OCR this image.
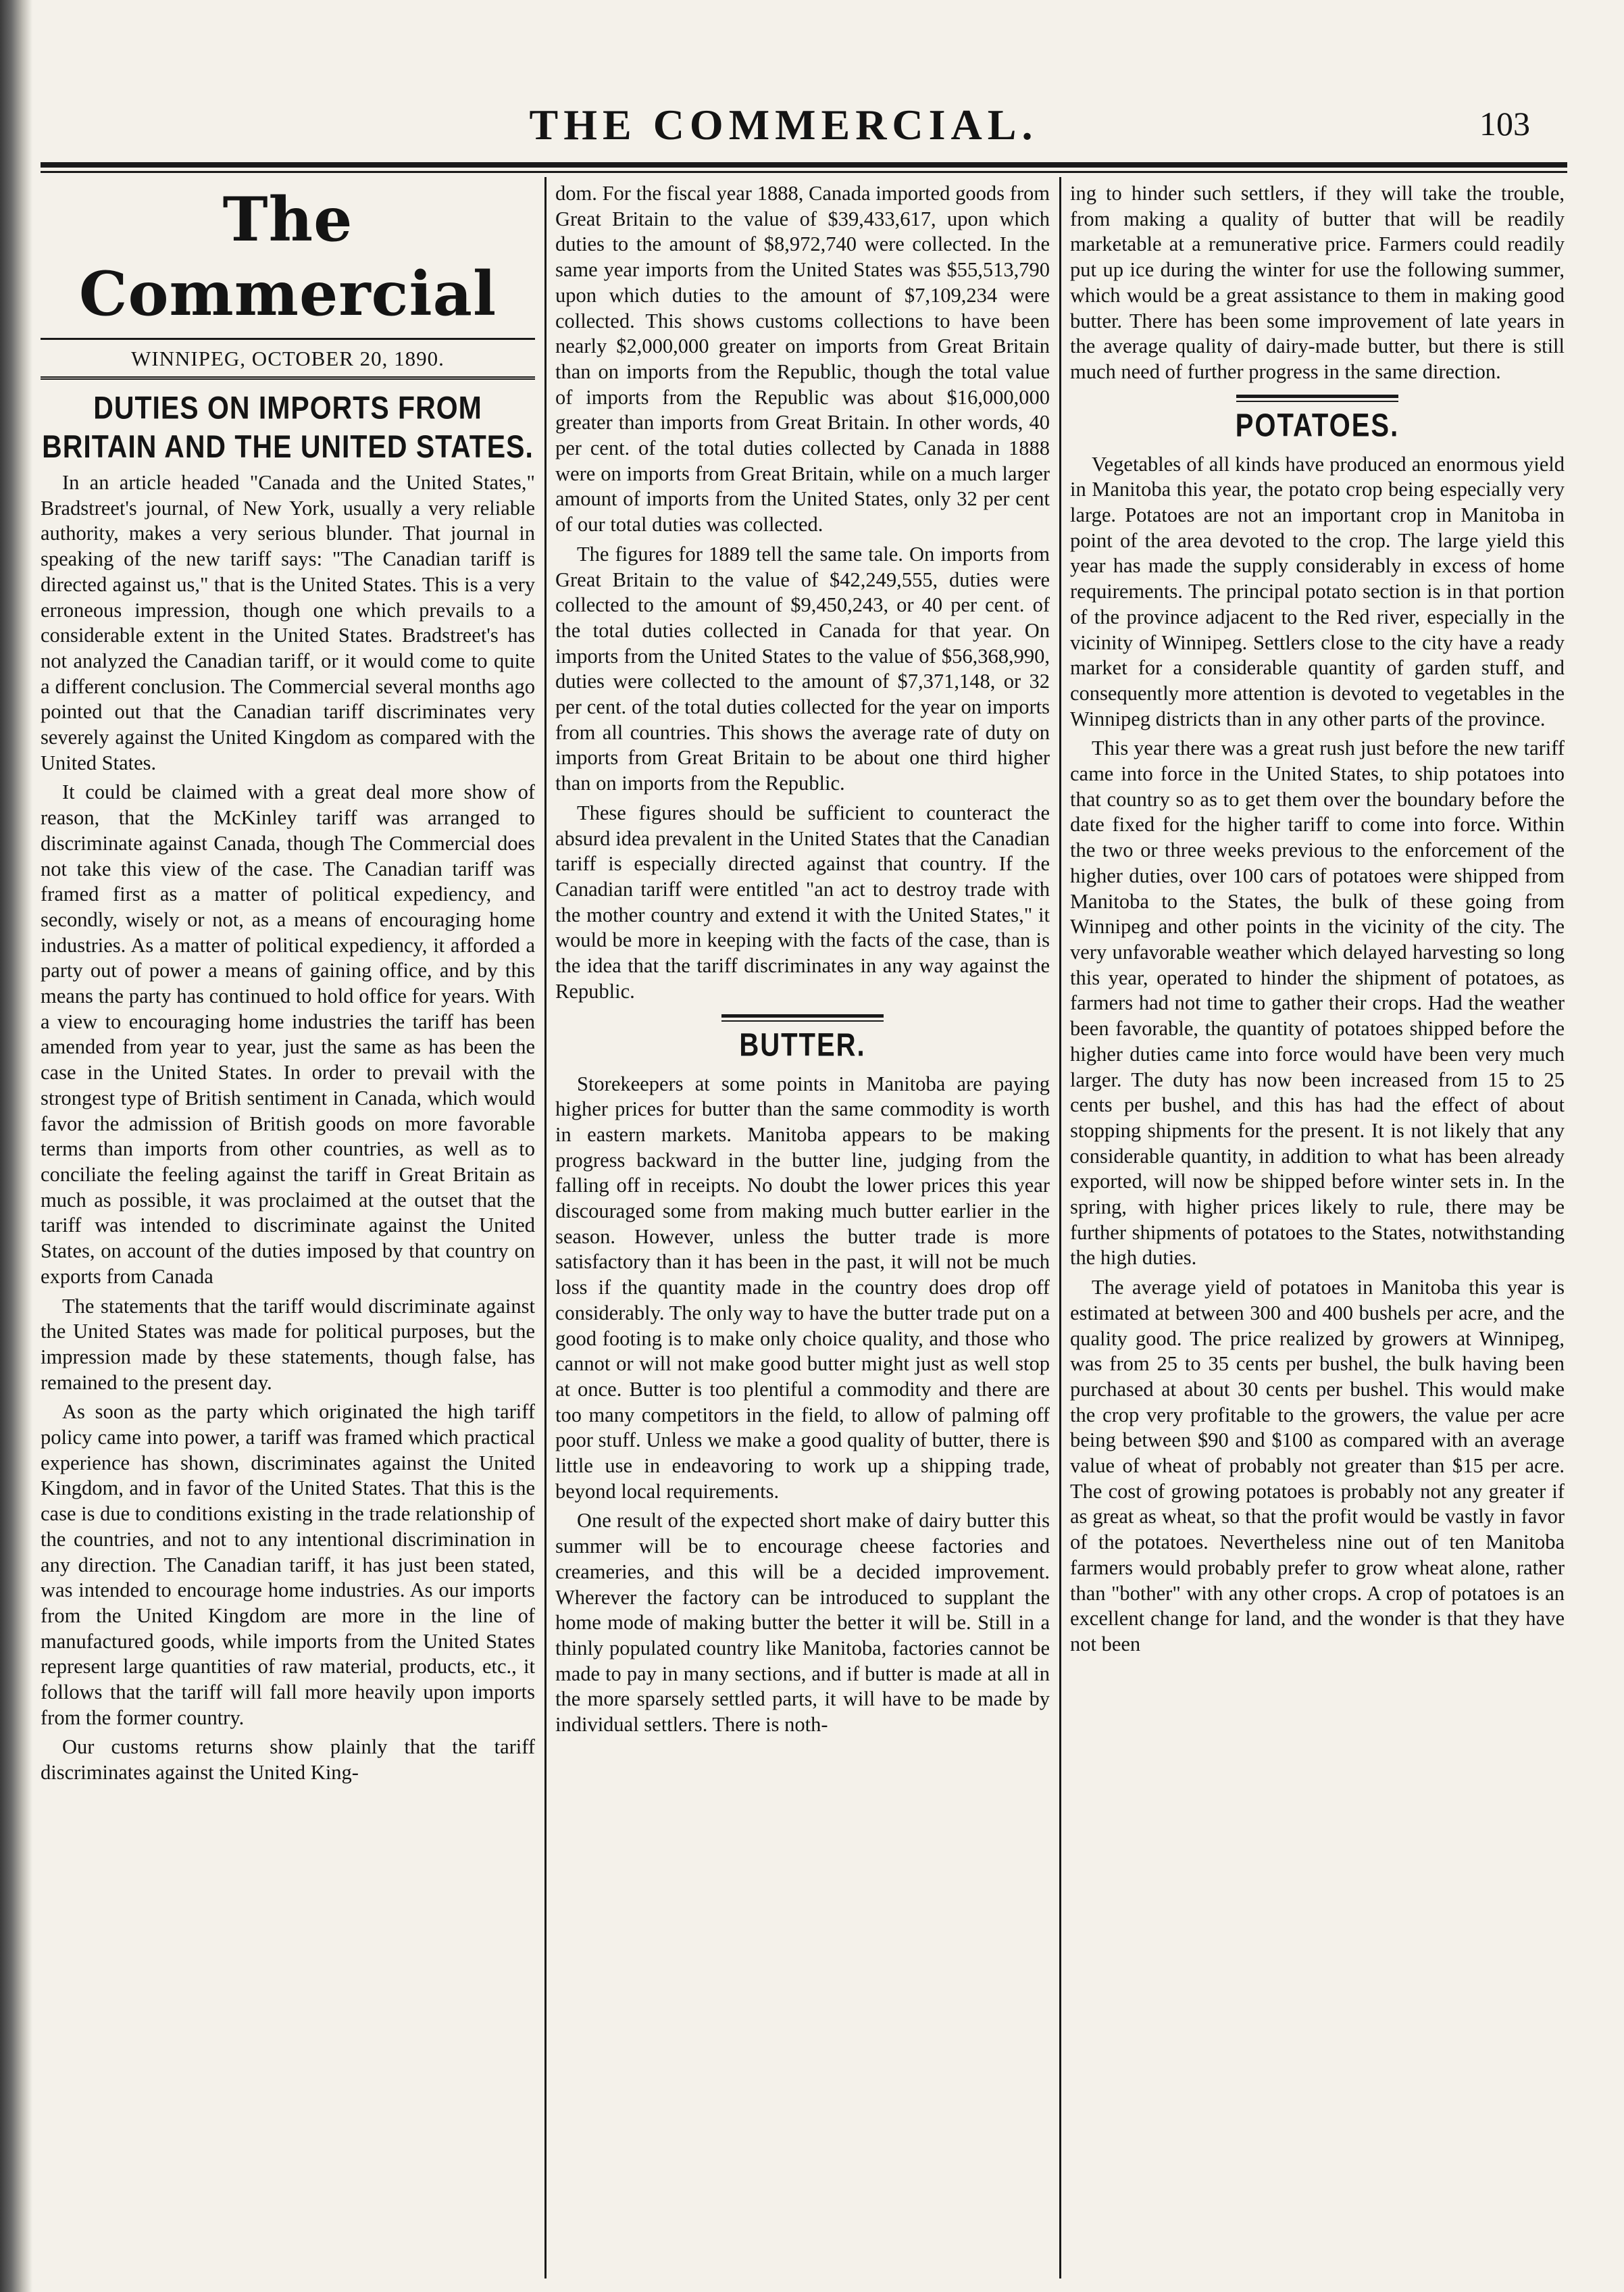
THE COMMERCIAL.	103
The Commercial
WINNIPEG, OCTOBER 20, 1890.
DUTIES ON IMPORTS FROM BRITAIN AND THE UNITED STATES.

In an article headed "Canada and the United States," Bradstreet's journal, of New York, usually a very reliable authority, makes a very serious blunder. That journal in speaking of the new tariff says: "The Canadian tariff is directed against us," that is the United States. This is a very erroneous impression, though one which prevails to a considerable extent in the United States. Bradstreet's has not analyzed the Canadian tariff, or it would come to quite a different conclusion. The Commercial several months ago pointed out that the Canadian tariff discriminates very severely against the United Kingdom as compared with the United States.

It could be claimed with a great deal more show of reason, that the McKinley tariff was arranged to discriminate against Canada, though The Commercial does not take this view of the case. The Canadian tariff was framed first as a matter of political expediency, and secondly, wisely or not, as a means of encouraging home industries. As a matter of political expediency, it afforded a party out of power a means of gaining office, and by this means the party has continued to hold office for years. With a view to encouraging home industries the tariff has been amended from year to year, just the same as has been the case in the United States. In order to prevail with the strongest type of British sentiment in Canada, which would favor the admission of British goods on more favorable terms than imports from other countries, as well as to conciliate the feeling against the tariff in Great Britain as much as possible, it was proclaimed at the outset that the tariff was intended to discriminate against the United States, on account of the duties imposed by that country on exports from Canada

The statements that the tariff would discriminate against the United States was made for political purposes, but the impression made by these statements, though false, has remained to the present day.

As soon as the party which originated the high tariff policy came into power, a tariff was framed which practical experience has shown, discriminates against the United Kingdom, and in favor of the United States. That this is the case is due to conditions existing in the trade relationship of the countries, and not to any intentional discrimination in any direction. The Canadian tariff, it has just been stated, was intended to encourage home industries. As our imports from the United Kingdom are more in the line of manufactured goods, while imports from the United States represent large quantities of raw material, products, etc., it follows that the tariff will fall more heavily upon imports from the former country.

Our customs returns show plainly that the tariff discriminates against the United King-

dom. For the fiscal year 1888, Canada imported goods from Great Britain to the value of $39,433,617, upon which duties to the amount of $8,972,740 were collected. In the same year imports from the United States was $55,513,790 upon which duties to the amount of $7,109,234 were collected. This shows customs collections to have been nearly $2,000,000 greater on imports from Great Britain than on imports from the Republic, though the total value of imports from the Republic was about $16,000,000 greater than imports from Great Britain. In other words, 40 per cent. of the total duties collected by Canada in 1888 were on imports from Great Britain, while on a much larger amount of imports from the United States, only 32 per cent of our total duties was collected.

The figures for 1889 tell the same tale. On imports from Great Britain to the value of $42,249,555, duties were collected to the amount of $9,450,243, or 40 per cent. of the total duties collected in Canada for that year. On imports from the United States to the value of $56,368,990, duties were collected to the amount of $7,371,148, or 32 per cent. of the total duties collected for the year on imports from all countries. This shows the average rate of duty on imports from Great Britain to be about one third higher than on imports from the Republic.

These figures should be sufficient to counteract the absurd idea prevalent in the United States that the Canadian tariff is especially directed against that country. If the Canadian tariff were entitled "an act to destroy trade with the mother country and extend it with the United States," it would be more in keeping with the facts of the case, than is the idea that the tariff discriminates in any way against the Republic.

BUTTER.

Storekeepers at some points in Manitoba are paying higher prices for butter than the same commodity is worth in eastern markets. Manitoba appears to be making progress backward in the butter line, judging from the falling off in receipts. No doubt the lower prices this year discouraged some from making much butter earlier in the season. However, unless the butter trade is more satisfactory than it has been in the past, it will not be much loss if the quantity made in the country does drop off considerably. The only way to have the butter trade put on a good footing is to make only choice quality, and those who cannot or will not make good butter might just as well stop at once. Butter is too plentiful a commodity and there are too many competitors in the field, to allow of palming off poor stuff. Unless we make a good quality of butter, there is little use in endeavoring to work up a shipping trade, beyond local requirements.

One result of the expected short make of dairy butter this summer will be to encourage cheese factories and creameries, and this will be a decided improvement. Wherever the factory can be introduced to supplant the home mode of making butter the better it will be. Still in a thinly populated country like Manitoba, factories cannot be made to pay in many sections, and if butter is made at all in the more sparsely settled parts, it will have to be made by individual settlers. There is noth-

ing to hinder such settlers, if they will take the trouble, from making a quality of butter that will be readily marketable at a remunerative price. Farmers could readily put up ice during the winter for use the following summer, which would be a great assistance to them in making good butter. There has been some improvement of late years in the average quality of dairy-made butter, but there is still much need of further progress in the same direction.

POTATOES.

Vegetables of all kinds have produced an enormous yield in Manitoba this year, the potato crop being especially very large. Potatoes are not an important crop in Manitoba in point of the area devoted to the crop. The large yield this year has made the supply considerably in excess of home requirements. The principal potato section is in that portion of the province adjacent to the Red river, especially in the vicinity of Winnipeg. Settlers close to the city have a ready market for a considerable quantity of garden stuff, and consequently more attention is devoted to vegetables in the Winnipeg districts than in any other parts of the province.

This year there was a great rush just before the new tariff came into force in the United States, to ship potatoes into that country so as to get them over the boundary before the date fixed for the higher tariff to come into force. Within the two or three weeks previous to the enforcement of the higher duties, over 100 cars of potatoes were shipped from Manitoba to the States, the bulk of these going from Winnipeg and other points in the vicinity of the city. The very unfavorable weather which delayed harvesting so long this year, operated to hinder the shipment of potatoes, as farmers had not time to gather their crops. Had the weather been favorable, the quantity of potatoes shipped before the higher duties came into force would have been very much larger. The duty has now been increased from 15 to 25 cents per bushel, and this has had the effect of about stopping shipments for the present. It is not likely that any considerable quantity, in addition to what has been already exported, will now be shipped before winter sets in. In the spring, with higher prices likely to rule, there may be further shipments of potatoes to the States, notwithstanding the high duties.

The average yield of potatoes in Manitoba this year is estimated at between 300 and 400 bushels per acre, and the quality good. The price realized by growers at Winnipeg, was from 25 to 35 cents per bushel, the bulk having been purchased at about 30 cents per bushel. This would make the crop very profitable to the growers, the value per acre being between $90 and $100 as compared with an average value of wheat of probably not greater than $15 per acre. The cost of growing potatoes is probably not any greater if as great as wheat, so that the profit would be vastly in favor of the potatoes. Nevertheless nine out of ten Manitoba farmers would probably prefer to grow wheat alone, rather than "bother" with any other crops. A crop of potatoes is an excellent change for land, and the wonder is that they have not been
